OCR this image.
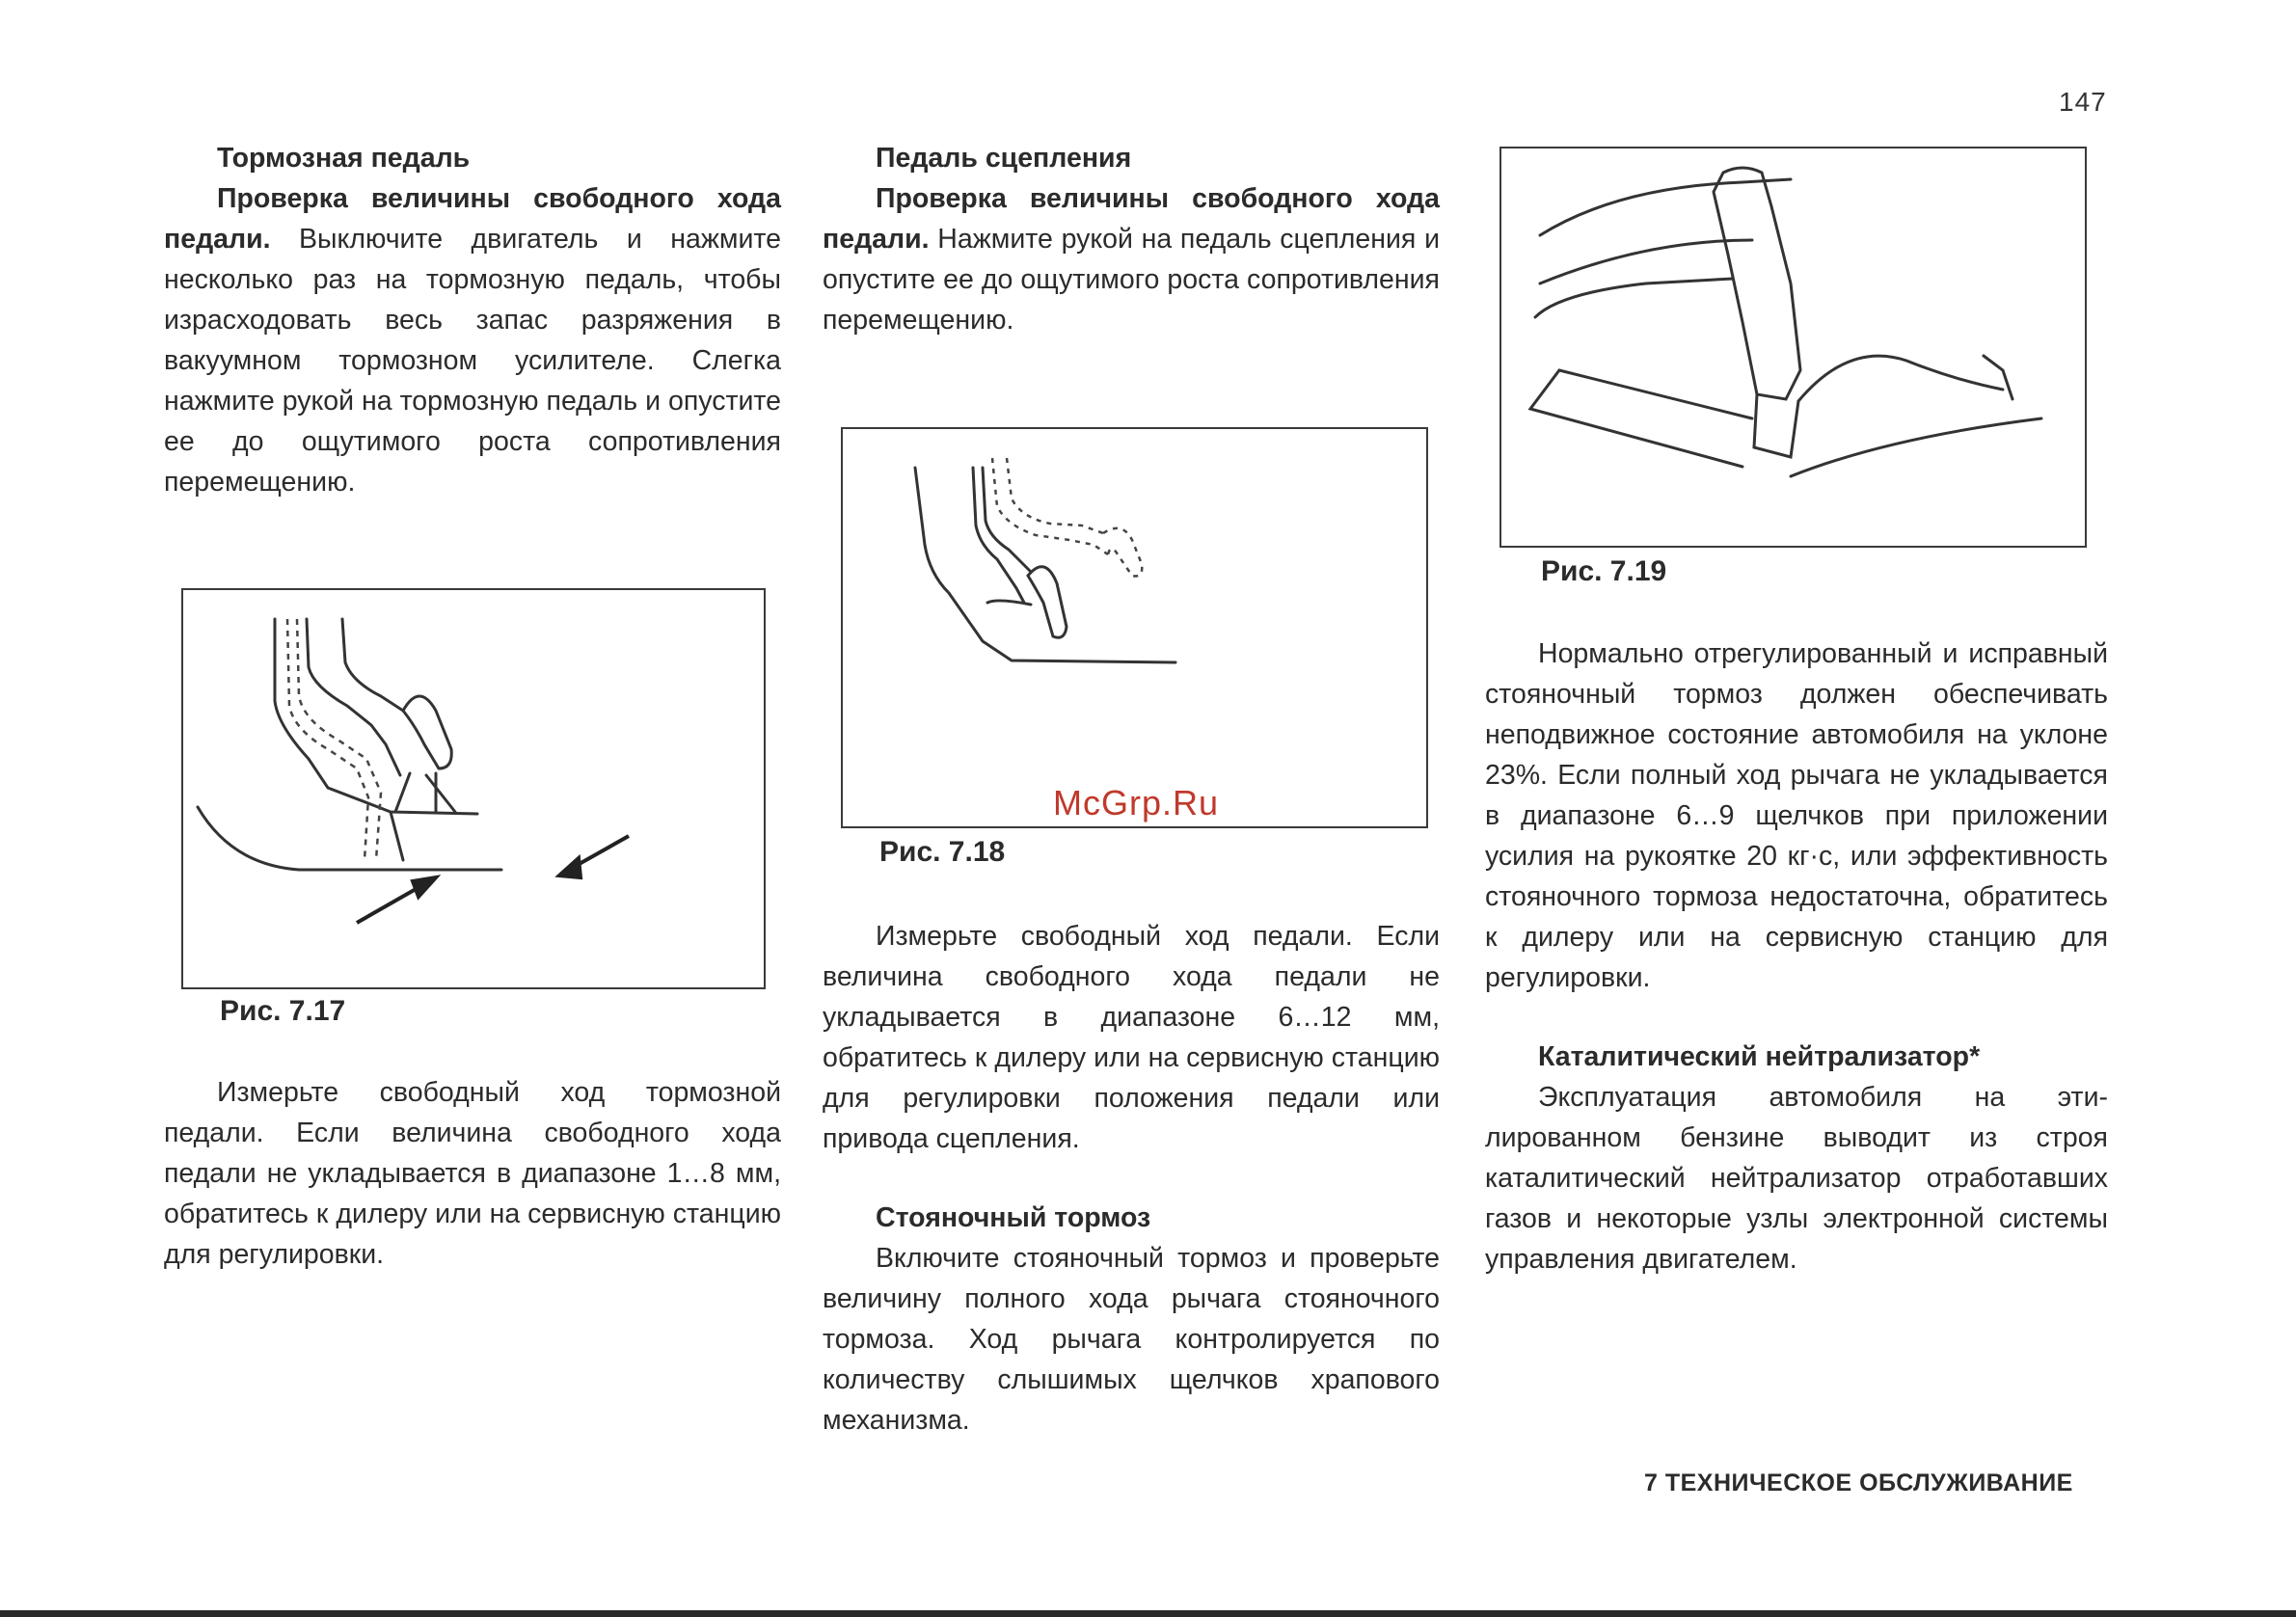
147

Тормозная педаль

Проверка величины свободного хода педали. Выключите двигатель и нажмите несколько раз на тормозную педаль, чтобы израсходовать весь запас разряжения в вакуумном тормозном усилителе. Слегка нажмите рукой на тормозную педаль и опустите ее до ощутимого роста сопротивления перемещению.

Рис. 7.17

Измерьте свободный ход тормозной педали. Если величина свободного хода педали не укладывается в диапазоне 1…8 мм, обратитесь к дилеру или на сервисную станцию для регулировки.

Педаль сцепления

Проверка величины свободного хода педали. Нажмите рукой на педаль сцепления и опустите ее до ощутимого роста сопротивления перемещению.

Рис. 7.18

Измерьте свободный ход педали. Если величина свободного хода педали не укладывается в диапазоне 6…12 мм, обратитесь к дилеру или на сервисную станцию для регулировки положения педали или привода сцепления.

Стояночный тормоз

Включите стояночный тормоз и проверьте величину полного хода рычага стояночного тормоза. Ход рычага контролируется по количеству слышимых щелчков храпового механизма.

Рис. 7.19

Нормально отрегулированный и исправный стояночный тормоз должен обеспечивать неподвижное состояние автомобиля на уклоне 23%. Если полный ход рычага не укладывается в диапазоне 6…9 щелчков при приложении усилия на рукоятке 20 кг·с, или эффективность стояночного тормоза недостаточна, обратитесь к дилеру или на сервисную станцию для регулировки.

Каталитический нейтрализатор*

Эксплуатация автомобиля на этилированном бензине выводит из строя каталитический нейтрализатор отработавших газов и некоторые узлы электронной системы управления двигателем.

McGrp.Ru
7 ТЕХНИЧЕСКОЕ ОБСЛУЖИВАНИЕ
